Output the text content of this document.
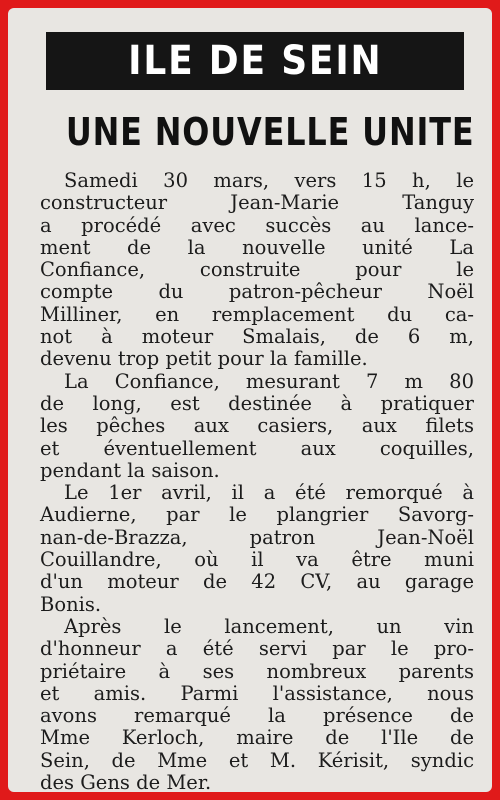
ILE DE SEIN
UNE NOUVELLE UNITE
Samedi 30 mars, vers 15 h, le
constructeur Jean-Marie Tanguy
a procédé avec succès au lance-
ment de la nouvelle unité La
Confiance, construite pour le
compte du patron-pêcheur Noël
Milliner, en remplacement du ca-
not à moteur Smalais, de 6 m,
devenu trop petit pour la famille.
La Confiance, mesurant 7 m 80
de long, est destinée à pratiquer
les pêches aux casiers, aux filets
et éventuellement aux coquilles,
pendant la saison.
Le 1er avril, il a été remorqué à
Audierne, par le plangrier Savorg-
nan-de-Brazza, patron Jean-Noël
Couillandre, où il va être muni
d'un moteur de 42 CV, au garage
Bonis.
Après le lancement, un vin
d'honneur a été servi par le pro-
priétaire à ses nombreux parents
et amis. Parmi l'assistance, nous
avons remarqué la présence de
Mme Kerloch, maire de l'Ile de
Sein, de Mme et M. Kérisit, syndic
des Gens de Mer.
